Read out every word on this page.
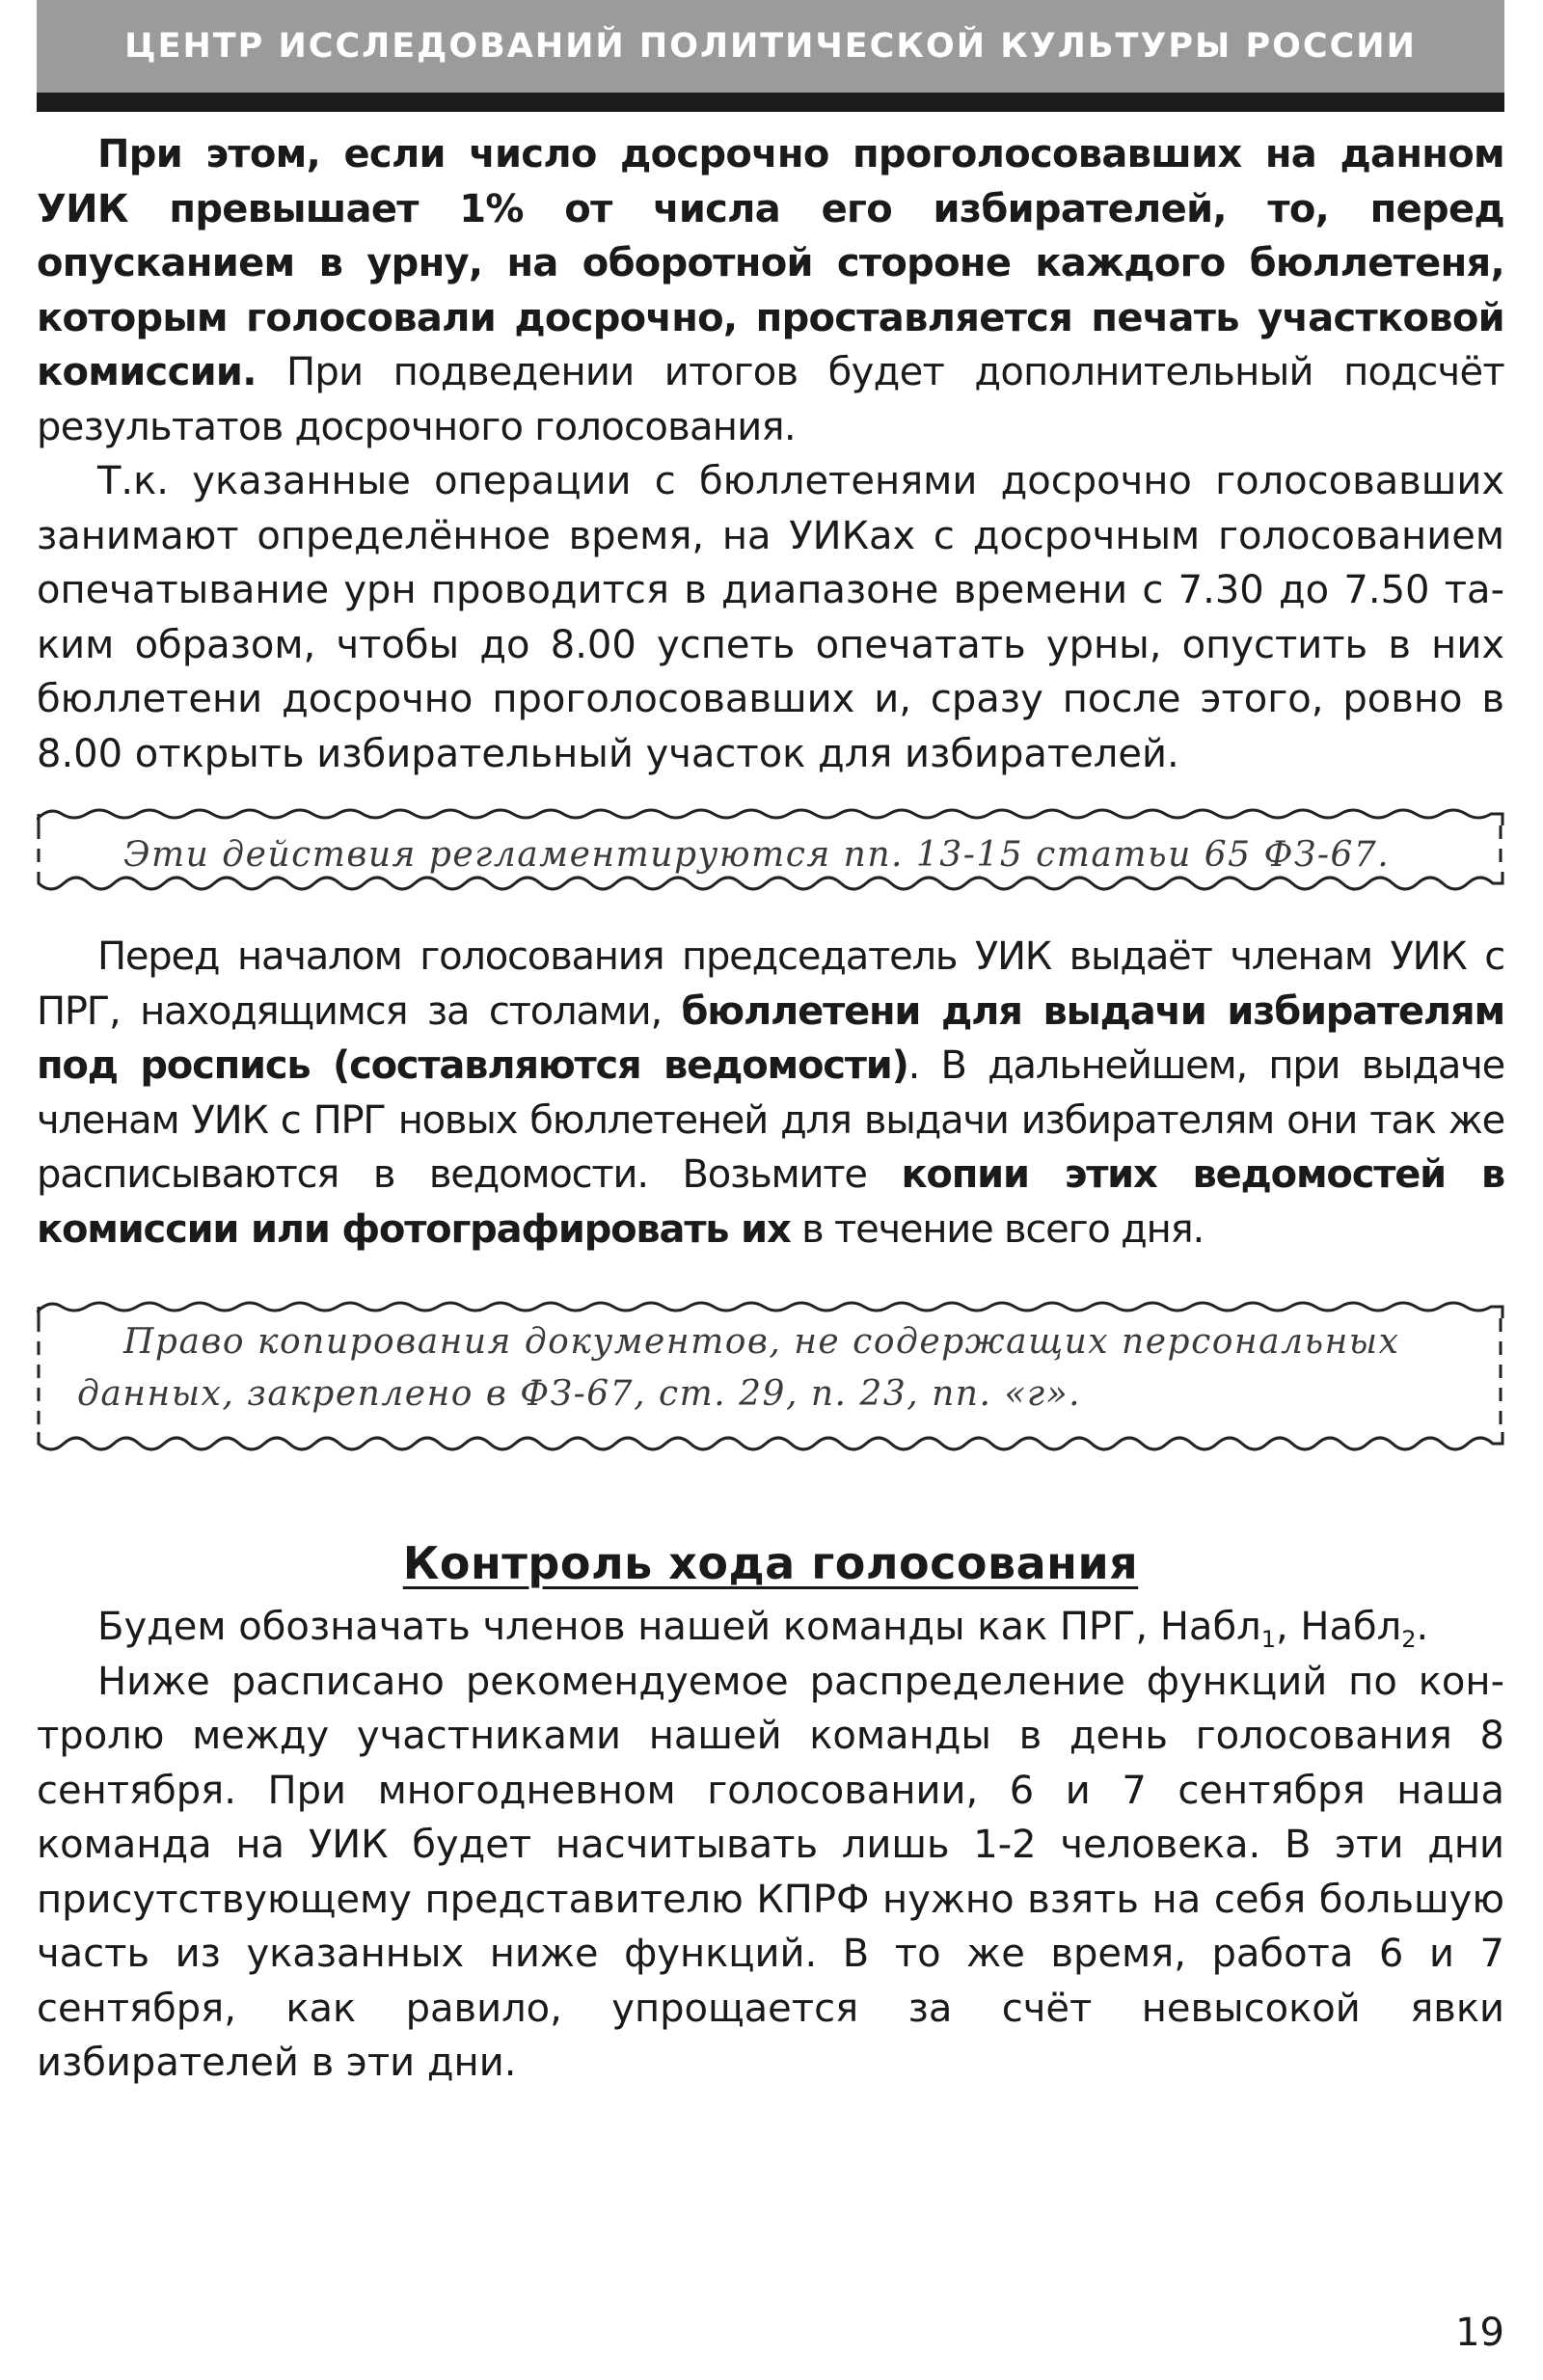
ЦЕНТР ИССЛЕДОВАНИЙ ПОЛИТИЧЕСКОЙ КУЛЬТУРЫ РОССИИ

При этом, если число досрочно проголосовавших на данном УИК превышает 1% от числа его избирателей, то, перед опусканием в урну, на оборотной стороне каждого бюллетеня, которым голосовали досрочно, проставляется печать участковой комиссии. При подведении итогов будет дополнительный подсчёт результатов досрочного голосования.

Т.к. указанные операции с бюллетенями досрочно голосовавших занимают определённое время, на УИКах с досрочным голосованием опечатывание урн проводится в диапазоне времени с 7.30 до 7.50 таким образом, чтобы до 8.00 успеть опечатать урны, опустить в них бюллетени досрочно проголосовавших и, сразу после этого, ровно в 8.00 открыть избирательный участок для избирателей.

Эти действия регламентируются пп. 13-15 статьи 65 ФЗ-67.

Перед началом голосования председатель УИК выдаёт членам УИК с ПРГ, находящимся за столами, бюллетени для выдачи избирателям под роспись (составляются ведомости). В дальнейшем, при выдаче членам УИК с ПРГ новых бюллетеней для выдачи избирателям они так же расписываются в ведомости. Возьмите копии этих ведомостей в комиссии или фотографировать их в течение всего дня.

Право копирования документов, не содержащих персональных
данных, закреплено в ФЗ-67, ст. 29, п. 23, пп. «г».
Контроль хода голосования

Будем обозначать членов нашей команды как ПРГ, Набл$_1$, Набл$_2$.

Ниже расписано рекомендуемое распределение функций по контролю между участниками нашей команды в день голосования 8 сентября. При многодневном голосовании, 6 и 7 сентября наша команда на УИК будет насчитывать лишь 1-2 человека. В эти дни присутствующему представителю КПРФ нужно взять на себя большую часть из указанных ниже функций. В то же время, работа 6 и 7 сентября, как равило, упрощается за счёт невысокой явки избирателей в эти дни.

19
